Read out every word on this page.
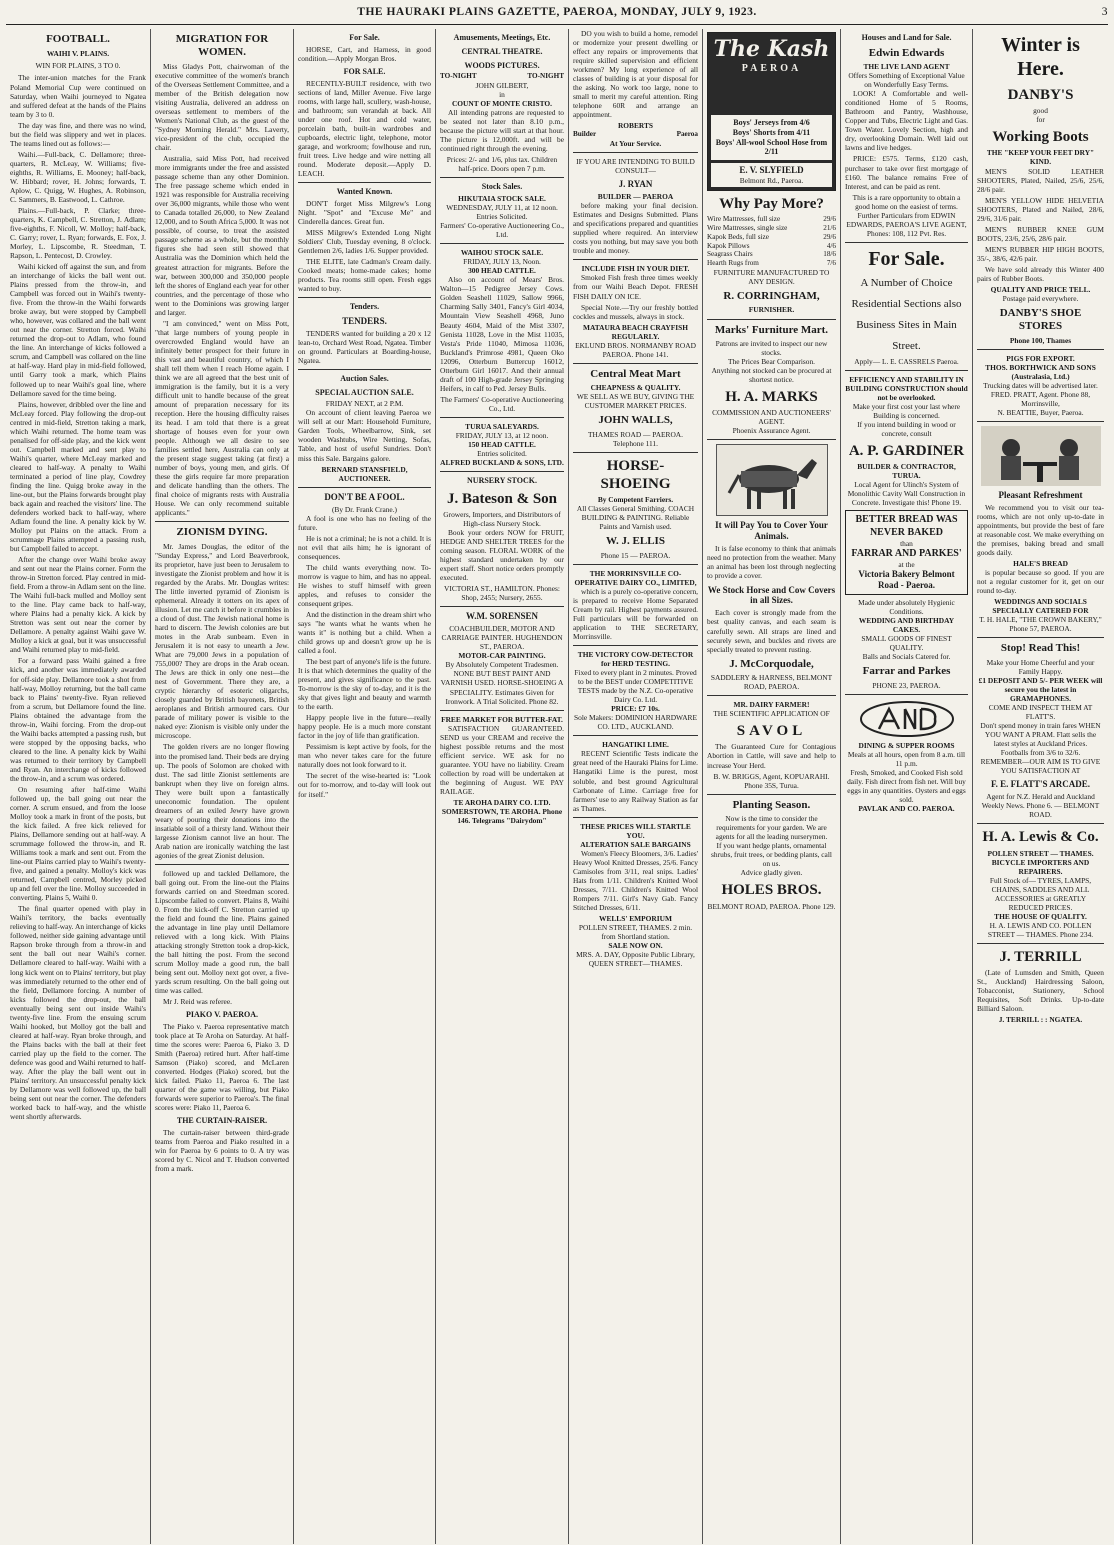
THE HAURAKI PLAINS GAZETTE, PAEROA, MONDAY, JULY 9, 1923.	3
FOOTBALL.
WAIHI V. PLAINS.
WIN FOR PLAINS, 3 TO 0.

The inter-union matches for the Frank Poland Memorial Cup were continued on Saturday, when Waihi journeyed to Ngatea and suffered defeat at the hands of the Plains team by 3 to 0.

The day was fine, and there was no wind, but the field was slippery and wet in places. The teams lined out as follows:—

Waihi.—Full-back, C. Dellamore; three-quarters, R. McLeay, W. Williams; five-eighths, R. Williams, E. Mooney; half-back, W. Hibbard; rover, H. Johns; forwards, T. Aplow, C. Quigg, W. Hughes, A. Robinson, C. Sammers, B. Eastwood, L. Cathroe.

Plains.—Full-back, P. Clarke; three-quarters, K. Campbell, C. Stretton, J. Adlam; five-eighths, F. Nicoll, W. Molloy; half-back, C. Garry; rover, L. Ryan; forwards, E. Fox, J. Morley, L. Lipscombe, R. Steedman, T. Rapson, L. Pentecost, D. Crowley.

Waihi kicked off against the sun, and from an interchange of kicks the ball went out. Plains pressed from the throw-in, and Campbell was forced out in Waihi's twenty-five. From the throw-in the Waihi forwards broke away, but were stopped by Campbell who, however, was collared and the ball went out near the corner. Stretton forced. Waihi returned the drop-out to Adlam, who found the line. An interchange of kicks followed a scrum, and Campbell was collared on the line at half-way. Hard play in mid-field followed, until Garry took a mark, which Plains followed up to near Waihi's goal line, where Dellamore saved for the time being.

Plains, however, dribbled over the line and McLeay forced. Play following the drop-out centred in mid-field, Stretton taking a mark, which Waihi returned. The home team was penalised for off-side play, and the kick went out. Campbell marked and sent play to Waihi's quarter, where McLeay marked and cleared to half-way. A penalty to Waihi terminated a period of line play, Cowdrey finding the line. Quigg broke away in the line-out, but the Plains forwards brought play back again and reached the visitors' line. The defenders worked back to half-way, where Adlam found the line. A penalty kick by W. Molloy put Plains on the attack. From a scrummage Plains attempted a passing rush, but Campbell failed to accept.

After the change over Waihi broke away and sent out near the Plains corner. Form the throw-in Stretton forced. Play centred in mid-field. From a throw-in Adlam sent on the line. The Waihi full-back mulled and Molloy sent to the line. Play came back to half-way, where Plains had a penalty kick. A kick by Stretton was sent out near the corner by Dellamore. A penalty against Waihi gave W. Molloy a kick at goal, but it was unsuccessful and Waihi returned play to mid-field.

For a forward pass Waihi gained a free kick, and another was immediately awarded for off-side play. Dellamore took a shot from half-way, Molloy returning, but the ball came back to Plains' twenty-five. Ryan relieved from a scrum, but Dellamore found the line. Plains obtained the advantage from the throw-in, Waihi forcing. From the drop-out the Waihi backs attempted a passing rush, but were stopped by the opposing backs, who cleared to the line. A penalty kick by Waihi was returned to their territory by Campbell and Ryan. An interchange of kicks followed the throw-in, and a scrum was ordered.

On resuming after half-time Waihi followed up, the ball going out near the corner. A scrum ensued, and from the loose Molloy took a mark in front of the posts, but the kick failed. A free kick relieved for Plains, Dellamore sending out at half-way. A scrummage followed the throw-in, and R. Williams took a mark and sent out. From the line-out Plains carried play to Waihi's twenty-five, and gained a penalty. Molloy's kick was returned, Campbell centred, Morley picked up and fell over the line. Molloy succeeded in converting. Plains 5, Waihi 0.

The final quarter opened with play in Waihi's territory, the backs eventually relieving to half-way. An interchange of kicks followed, neither side gaining advantage until Rapson broke through from a throw-in and sent the ball out near Waihi's corner. Dellamore cleared to half-way. Waihi with a long kick went on to Plains' territory, but play was immediately returned to the other end of the field, Dellamore forcing. A number of kicks followed the drop-out, the ball eventually being sent out inside Waihi's twenty-five line. From the ensuing scrum Waihi hooked, but Molloy got the ball and cleared at half-way. Ryan broke through, and the Plains backs with the ball at their feet carried play up the field to the corner. The defence was good and Waihi returned to half-way. After the play the ball went out in Plains' territory. An unsuccessful penalty kick by Dellamore was well followed up, the ball being sent out near the corner. The defenders worked back to half-way, and the whistle went shortly afterwards.

MIGRATION FOR WOMEN.

Miss Gladys Pott, chairwoman of the executive committee of the women's branch of the Overseas Settlement Committee, and a member of the British delegation now visiting Australia, delivered an address on overseas settlement to members of the Women's National Club, as the guest of the "Sydney Morning Herald." Mrs. Laverty, vice-president of the club, occupied the chair.

Australia, said Miss Pott, had received more immigrants under the free and assisted passage scheme than any other Dominion. The free passage scheme which ended in 1921 was responsible for Australia receiving over 36,000 migrants, while those who went to Canada totalled 26,000, to New Zealand 12,000, and to South Africa 5,000. It was not possible, of course, to treat the assisted passage scheme as a whole, but the monthly figures she had seen still showed that Australia was the Dominion which held the greatest attraction for migrants. Before the war, between 300,000 and 350,000 people left the shores of England each year for other countries, and the percentage of those who went to the Dominions was growing larger and larger.

"I am convinced," went on Miss Pott, "that large numbers of young people in overcrowded England would have an infinitely better prospect for their future in this vast and beautiful country, of which I shall tell them when I reach Home again. I think we are all agreed that the best unit of immigration is the family, but it is a very difficult unit to handle because of the great amount of preparation necessary for its reception. Here the housing difficulty raises its head. I am told that there is a great shortage of houses even for your own people. Although we all desire to see families settled here, Australia can only at the present stage suggest taking (at first) a number of boys, young men, and girls. Of these the girls require far more preparation and delicate handling than the others. The final choice of migrants rests with Australia House. We can only recommend suitable applicants."

ZIONISM DYING.

Mr. James Douglas, the editor of the "Sunday Express," and Lord Beaverbrook, its proprietor, have just been to Jerusalem to investigate the Zionist problem and how it is regarded by the Arabs. Mr. Douglas writes: The little inverted pyramid of Zionism is ephemeral. Already it totters on its apex of illusion. Let me catch it before it crumbles in a cloud of dust. The Jewish national home is hard to discern. The Jewish colonies are but motes in the Arab sunbeam. Even in Jerusalem it is not easy to unearth a Jew. What are 79,000 Jews in a population of 755,000? They are drops in the Arab ocean. The Jews are thick in only one nest—the nest of Government. There they are, a cryptic hierarchy of esoteric oligarchs, closely guarded by British bayonets, British aeroplanes and British armoured cars. Our parade of military power is visible to the naked eye: Zionism is visible only under the microscope.

The golden rivers are no longer flowing into the promised land. Their beds are drying up. The pools of Solomon are choked with dust. The sad little Zionist settlements are bankrupt when they live on foreign alms. They were built upon a fantastically uneconomic foundation. The opulent dreamers of an exiled Jewry have grown weary of pouring their donations into the insatiable soil of a thirsty land. Without their largesse Zionism cannot live an hour. The Arab nation are ironically watching the last agonies of the great Zionist delusion.

followed up and tackled Dellamore, the ball going out. From the line-out the Plains forwards carried on and Steedman scored. Lipscombe failed to convert. Plains 8, Waihi 0. From the kick-off C. Stretton carried up the field and found the line. Plains gained the advantage in line play until Dellamore relieved with a long kick. With Plains attacking strongly Stretton took a drop-kick, the ball hitting the post. From the second scrum Molloy made a good run, the ball being sent out. Molloy next got over, a five-yards scrum resulting. On the ball going out time was called.

Mr J. Reid was referee.

PIAKO V. PAEROA.

The Piako v. Paeroa representative match took place at Te Aroha on Saturday. At half-time the scores were: Paeroa 6, Piako 3. D Smith (Paeroa) retired hurt. After half-time Samson (Piako) scored, and McLaren converted. Hodges (Piako) scored, but the kick failed. Piako 11, Paeroa 6. The last quarter of the game was willing, but Piako forwards were superior to Paeroa's. The final scores were: Piako 11, Paeroa 6.

THE CURTAIN-RAISER.

The curtain-raiser between third-grade teams from Paeroa and Piako resulted in a win for Paeroa by 6 points to 0. A try was scored by C. Nicol and T. Hudson converted from a mark.

For Sale.

HORSE, Cart, and Harness, in good condition.—Apply Morgan Bros.

FOR SALE.

RECENTLY-BUILT residence, with two sections of land, Miller Avenue. Five large rooms, with large hall, scullery, wash-house, and bathroom; sun verandah at back. All under one roof. Hot and cold water, porcelain bath, built-in wardrobes and cupboards, electric light, telephone, motor garage, and workroom; fowlhouse and run, fruit trees. Live hedge and wire netting all round. Moderate deposit.—Apply D. LEACH.

Wanted Known.

DON'T forget Miss Milgrew's Long Night. "Spot" and "Excuse Me" and Cinderella dances. Great fun.

MISS Milgrew's Extended Long Night Soldiers' Club, Tuesday evening, 8 o'clock. Gentlemen 2/6, ladies 1/6. Supper provided.

THE ELITE, late Cadman's Cream daily. Cooked meats; home-made cakes; home products. Tea rooms still open. Fresh eggs wanted to buy.

Tenders.
TENDERS.

TENDERS wanted for building a 20 x 12 lean-to, Orchard West Road, Ngatea. Timber on ground. Particulars at Boarding-house, Ngatea.

Auction Sales.
SPECIAL AUCTION SALE.
FRIDAY NEXT, at 2 P.M.

On account of client leaving Paeroa we will sell at our Mart: Household Furniture, Garden Tools, Wheelbarrow, Sink, set wooden Washtubs, Wire Netting, Sofas, Table, and host of useful Sundries. Don't miss this Sale. Bargains galore.

BERNARD STANSFIELD, AUCTIONEER.
DON'T BE A FOOL.
(By Dr. Frank Crane.)

A fool is one who has no feeling of the future.

He is not a criminal; he is not a child. It is not evil that ails him; he is ignorant of consequences.

The child wants everything now. To-morrow is vague to him, and has no appeal. He wishes to stuff himself with green apples, and refuses to consider the consequent gripes.

And the distinction in the dream shirt who says "he wants what he wants when he wants it" is nothing but a child. When a child grows up and doesn't grow up he is called a fool.

The best part of anyone's life is the future. It is that which determines the quality of the present, and gives significance to the past. To-morrow is the sky of to-day, and it is the sky that gives light and beauty and warmth to the earth.

Happy people live in the future—really happy people. He is a much more constant factor in the joy of life than gratification.

Pessimism is kept active by fools, for the man who never takes care for the future naturally does not look forward to it.

The secret of the wise-hearted is: "Look out for to-morrow, and to-day will look out for itself."

Amusements, Meetings, Etc.
CENTRAL THEATRE.
WOODS PICTURES.
TO-NIGHT	TO-NIGHT
JOHN GILBERT,
in
COUNT OF MONTE CRISTO.

All intending patrons are requested to be seated not later than 8.10 p.m., because the picture will start at that hour. The picture is 12,000ft. and will be continued right through the evening.

Prices: 2/- and 1/6, plus tax. Children half-price. Doors open 7 p.m.
Stock Sales.
HIKUTAIA STOCK SALE.
WEDNESDAY, JULY 11, at 12 noon.
Entries Solicited.
Farmers' Co-operative Auctioneering Co., Ltd.
WAIHOU STOCK SALE.
FRIDAY, JULY 13, Noon.
300 HEAD CATTLE.

Also on account of Mears' Bros. Walton—15 Pedigree Jersey Cows. Golden Seashell 11029, Sallow 9966, Charming Sally 3401, Fancy's Girl 4034, Mountain View Seashell 4968, Juno Beauty 4604, Maid of the Mist 3307, Genista 11028, Love in the Mist 11035, Vesta's Pride 11040, Mimosa 11036, Buckland's Primrose 4981, Queen Oko 12096, Otterburn Buttercup 16012, Otterburn Girl 16017. And their annual draft of 100 High-grade Jersey Springing Heifers, in calf to Ped. Jersey Bulls.

The Farmers' Co-operative Auctioneering Co., Ltd.
TURUA SALEYARDS.
FRIDAY, JULY 13, at 12 noon.
150 HEAD CATTLE.
Entries solicited.
ALFRED BUCKLAND & SONS, LTD.
NURSERY STOCK.
J. Bateson & Son
Growers, Importers, and Distributors of High-class Nursery Stock.

Book your orders NOW for FRUIT, HEDGE AND SHELTER TREES for the coming season. FLORAL WORK of the highest standard undertaken by our expert staff. Short notice orders promptly executed.

VICTORIA ST., HAMILTON. Phones: Shop, 2455; Nursery, 2655.
W.M. SORENSEN
COACHBUILDER, MOTOR AND CARRIAGE PAINTER. HUGHENDON ST., PAEROA.
MOTOR-CAR PAINTING.
By Absolutely Competent Tradesmen. NONE BUT BEST PAINT AND VARNISH USED. HORSE-SHOEING A SPECIALITY. Estimates Given for Ironwork. A Trial Solicited. Phone 82.
FREE MARKET FOR BUTTER-FAT.

SATISFACTION GUARANTEED. SEND us your CREAM and receive the highest possible returns and the most efficient service. WE ask for no guarantee. YOU have no liability. Cream collection by road will be undertaken at the beginning of August. WE PAY RAILAGE.

TE AROHA DAIRY CO. LTD. SOMERSTOWN, TE AROHA. Phone 146. Telegrams "Dairydom"

DO you wish to build a home, remodel or modernize your present dwelling or effect any repairs or improvements that require skilled supervision and efficient workmen? My long experience of all classes of building is at your disposal for the asking. No work too large, none to small to merit my careful attention. Ring telephone 60R and arrange an appointment.

ROBERTS
Builder	Paeroa
At Your Service.
IF YOU ARE INTENDING TO BUILD CONSULT—
J. RYAN
BUILDER — PAEROA

before making your final decision. Estimates and Designs Submitted. Plans and specifications prepared and quantities supplied where required. An interview costs you nothing, but may save you both trouble and money.

INCLUDE FISH IN YOUR DIET.

Smoked Fish fresh three times weekly from our Waihi Beach Depot. FRESH FISH DAILY ON ICE.

Special Note.—Try our freshly bottled cockles and mussels, always in stock.

MATAURA BEACH CRAYFISH REGULARLY.
EKLUND BROS. NORMANBY ROAD PAEROA. Phone 141.
Central Meat Mart
CHEAPNESS & QUALITY.
WE SELL AS WE BUY, GIVING THE CUSTOMER MARKET PRICES.
JOHN WALLS,
THAMES ROAD — PAEROA. Telephone 111.
HORSE-SHOEING
By Competent Farriers.
All Classes General Smithing. COACH BUILDING & PAINTING. Reliable Paints and Varnish used.
W. J. ELLIS
Phone 15 — PAEROA.
THE MORRINSVILLE CO-OPERATIVE DAIRY CO., LIMITED,

which is a purely co-operative concern, is prepared to receive Home Separated Cream by rail. Highest payments assured. Full particulars will be forwarded on application to THE SECRETARY, Morrinsville.

THE VICTORY COW-DETECTOR for HERD TESTING.
Fixed to every plant in 2 minutes. Proved to be the BEST under COMPETITIVE TESTS made by the N.Z. Co-operative Dairy Co. Ltd.
PRICE: £7 10s.
Sole Makers: DOMINION HARDWARE CO. LTD., AUCKLAND.
HANGATIKI LIME.

RECENT Scientific Tests indicate the great need of the Hauraki Plains for Lime. Hangatiki Lime is the purest, most soluble, and best ground Agricultural Carbonate of Lime. Carriage free for farmers' use to any Railway Station as far as Thames.

THESE PRICES WILL STARTLE YOU.
ALTERATION SALE BARGAINS

Women's Fleecy Bloomers, 3/6. Ladies' Heavy Wool Knitted Dresses, 25/6. Fancy Camisoles from 3/11, real snips. Ladies' Hats from 1/11. Children's Knitted Wool Dresses, 7/11. Children's Knitted Wool Rompers 7/11. Girl's Navy Gab. Fancy Stitched Dresses, 6/11.

WELLS' EMPORIUM
POLLEN STREET, THAMES. 2 min. from Shortland station.
SALE NOW ON.
MRS. A. DAY, Opposite Public Library, QUEEN STREET—THAMES.
The Kash
PAEROA
Boys' Jerseys from 4/6
Boys' Shorts from 4/11
Boys' All-wool School Hose from 2/11
E. V. SLYFIELD
Belmont Rd., Paeroa.
Why Pay More?
Wire Mattresses, full size	29/6
Wire Mattresses, single size	21/6
Kapok Beds, full size	29/6
Kapok Pillows	4/6
Seagrass Chairs	18/6
Hearth Rugs from	7/6
FURNITURE MANUFACTURED TO ANY DESIGN.
R. CORRINGHAM,
FURNISHER.
Marks' Furniture Mart.
Patrons are invited to inspect our new stocks.
The Prices Bear Comparison.
Anything not stocked can be procured at shortest notice.
H. A. MARKS
COMMISSION AND AUCTIONEERS' AGENT.
Phoenix Assurance Agent.
It will Pay You to Cover Your Animals.

It is false economy to think that animals need no protection from the weather. Many an animal has been lost through neglecting to provide a cover.

We Stock Horse and Cow Covers in all Sizes.

Each cover is strongly made from the best quality canvas, and each seam is carefully sewn. All straps are lined and securely sewn, and buckles and rivets are specially treated to prevent rusting.

J. McCorquodale,
SADDLERY & HARNESS, BELMONT ROAD, PAEROA.
MR. DAIRY FARMER!
THE SCIENTIFIC APPLICATION OF
SAVOL

The Guaranteed Cure for Contagious Abortion in Cattle, will save and help to increase Your Herd.

B. W. BRIGGS, Agent, KOPUARAHI. Phone 35S, Turua.
Planting Season.
Now is the time to consider the requirements for your garden. We are agents for all the leading nurserymen.
If you want hedge plants, ornamental shrubs, fruit trees, or bedding plants, call on us.
Advice gladly given.
HOLES BROS.
BELMONT ROAD, PAEROA. Phone 129.
Houses and Land for Sale.
Edwin Edwards
THE LIVE LAND AGENT
Offers Something of Exceptional Value on Wonderfully Easy Terms.

LOOK! A Comfortable and well-conditioned Home of 5 Rooms, Bathroom and Pantry, Washhouse, Copper and Tubs, Electric Light and Gas. Town Water. Lovely Section, high and dry, overlooking Domain. Well laid out lawns and live hedges.

PRICE: £575. Terms, £120 cash, purchaser to take over first mortgage of £160. The balance remains Free of Interest, and can be paid as rent.

This is a rare opportunity to obtain a good home on the easiest of terms.
Further Particulars from EDWIN EDWARDS, PAEROA'S LIVE AGENT,
Phones: 108, 112 Pvt. Res.
For Sale.
A Number of Choice Residential Sections also Business Sites in Main Street.
Apply— L. E. CASSRELS Paeroa.
EFFICIENCY AND STABILITY IN BUILDING CONSTRUCTION should not be overlooked.
Make your first cost your last where Building is concerned.
If you intend building in wood or concrete, consult
A. P. GARDINER
BUILDER & CONTRACTOR, TURUA.
Local Agent for Ulinch's System of Monolithic Cavity Wall Construction in Concrete. Investigate this! Phone 19.
BETTER BREAD WAS NEVER BAKED
than
FARRAR AND PARKES'
at the
Victoria Bakery Belmont Road - Paeroa.
Made under absolutely Hygienic Conditions.
WEDDING AND BIRTHDAY CAKES.
SMALL GOODS OF FINEST QUALITY.
Balls and Socials Catered for.
Farrar and Parkes
PHONE 23, PAEROA.
DINING & SUPPER ROOMS
Meals at all hours, open from 8 a.m. till 11 p.m.
Fresh, Smoked, and Cooked Fish sold daily. Fish direct from fish net. Will buy eggs in any quantities. Oysters and eggs sold.
PAVLAK AND CO. PAEROA.
Winter is Here.
DANBY'S
good
for
Working Boots
THE "KEEP YOUR FEET DRY" KIND.

MEN'S SOLID LEATHER SHOOTERS, Plated, Nailed, 25/6, 25/6, 28/6 pair.

MEN'S YELLOW HIDE HELVETIA SHOOTERS, Plated and Nailed, 28/6, 29/6, 31/6 pair.

MEN'S RUBBER KNEE GUM BOOTS, 23/6, 25/6, 28/6 pair.

MEN'S RUBBER HIP HIGH BOOTS, 35/-, 38/6, 42/6 pair.

We have sold already this Winter 400 pairs of Rubber Boots.

QUALITY AND PRICE TELL.
Postage paid everywhere.
DANBY'S SHOE STORES
Phone 100, Thames
PIGS FOR EXPORT.
THOS. BORTHWICK AND SONS (Australasia, Ltd.)
Trucking dates will be advertised later.
FRED. PRATT, Agent. Phone 88, Morrinsville,
N. BEATTIE, Buyer, Paeroa.
Pleasant Refreshment

We recommend you to visit our tea-rooms, which are not only up-to-date in appointments, but provide the best of fare at reasonable cost. We make everything on the premises, baking bread and small goods daily.

HALE'S BREAD

is popular because so good. If you are not a regular customer for it, get on our round to-day.

WEDDINGS AND SOCIALS SPECIALLY CATERED FOR
T. H. HALE, "THE CROWN BAKERY," Phone 57, PAEROA.
Stop! Read This!
Make your Home Cheerful and your Family Happy.
£1 DEPOSIT AND 5/- PER WEEK will secure you the latest in GRAMAPHONES.
COME AND INSPECT THEM AT FLATT'S.
Don't spend money in train fares WHEN YOU WANT A PRAM. Flatt sells the latest styles at Auckland Prices.
Footballs from 3/6 to 32/6.
REMEMBER—OUR AIM IS TO GIVE YOU SATISFACTION AT
F. E. FLATT'S ARCADE.
Agent for N.Z. Herald and Auckland Weekly News. Phone 6. — BELMONT ROAD.
H. A. Lewis & Co.
POLLEN STREET — THAMES.
BICYCLE IMPORTERS AND REPAIRERS.
Full Stock of— TYRES, LAMPS, CHAINS, SADDLES AND ALL ACCESSORIES at GREATLY REDUCED PRICES.
THE HOUSE OF QUALITY.
H. A. LEWIS AND CO. POLLEN STREET — THAMES. Phone 234.
J. TERRILL

(Late of Lumsden and Smith, Queen St., Auckland) Hairdressing Saloon, Tobacconist, Stationery, School Requisites, Soft Drinks. Up-to-date Billiard Saloon.

J. TERRILL : : NGATEA.
